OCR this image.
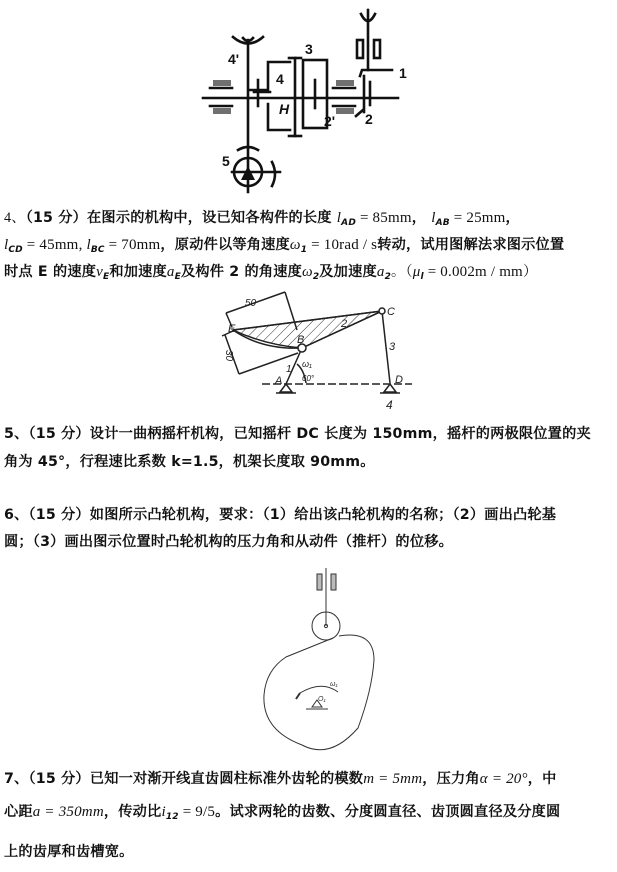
4'
4
3
H
2' 2
1
5
4、（15 分）在图示的机构中，设已知各构件的长度 $l_{AD} = 85mm$， $l_{AB} = 25mm$，
$l_{CD} = 45mm$, $l_{BC} = 70mm$，原动件以等角速度$\omega_1 = 10rad / s$转动，试用图解法求图示位置
时点 E 的速度$v_E$和加速度$a_E$及构件 2 的角速度$\omega_2$及加速度$a_2$。$(\mu_l = 0.002m / mm)$
50
30
E
B
C
A	D
1
2
3
4
ω₁
60°
5、（15 分）设计一曲柄摇杆机构，已知摇杆 DC 长度为 150mm，摇杆的两极限位置的夹
角为 45°，行程速比系数 k=1.5，机架长度取 90mm。
6、（15 分）如图所示凸轮机构，要求：（1）给出该凸轮机构的名称；（2）画出凸轮基
圆；（3）画出图示位置时凸轮机构的压力角和从动件（推杆）的位移。
ω₁
O₁
7、（15 分）已知一对渐开线直齿圆柱标准外齿轮的模数m = 5mm，压力角α = 20°，中
心距a = 350mm，传动比$i_{12} = 9/5$。试求两轮的齿数、分度圆直径、齿顶圆直径及分度圆
上的齿厚和齿槽宽。
